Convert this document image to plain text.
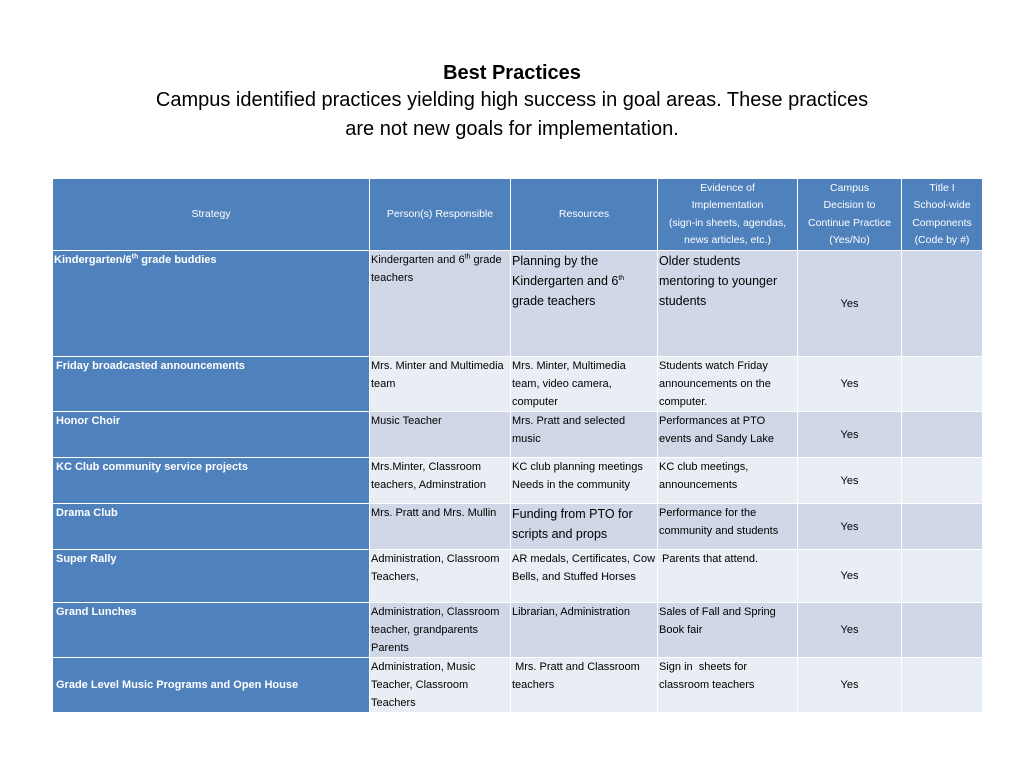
Best Practices
Campus identified practices yielding high success in goal areas. These practices
are not new goals for implementation.
Strategy	Person(s) Responsible	Resources	Evidence of
Implementation
(sign-in sheets, agendas,
news articles, etc.)	Campus
Decision to
Continue Practice
(Yes/No)	Title I
School-wide
Components
(Code by #)
Kindergarten/6th grade buddies	Kindergarten and 6th grade teachers	Planning by the Kindergarten and 6th grade teachers	Older students mentoring to younger students	Yes	
Friday broadcasted announcements	Mrs. Minter and Multimedia team	Mrs. Minter, Multimedia team, video camera, computer	Students watch Friday announcements on the computer.	Yes	
Honor Choir	Music Teacher	Mrs. Pratt and selected music	Performances at PTO events and Sandy Lake	Yes	
KC Club community service projects	Mrs.Minter, Classroom teachers, Adminstration	KC club planning meetings Needs in the community	KC club meetings, announcements	Yes	
Drama Club	Mrs. Pratt and Mrs. Mullin	Funding from PTO for scripts and props	Performance for the community and students	Yes	
Super Rally	Administration, Classroom Teachers,	AR medals, Certificates, Cow Bells, and Stuffed Horses	Parents that attend.	Yes	
Grand Lunches	Administration, Classroom teacher, grandparents Parents	Librarian, Administration	Sales of Fall and Spring Book fair	Yes	
Grade Level Music Programs and Open House	Administration, Music Teacher, Classroom Teachers	Mrs. Pratt and Classroom teachers	Sign in  sheets for classroom teachers	Yes	
